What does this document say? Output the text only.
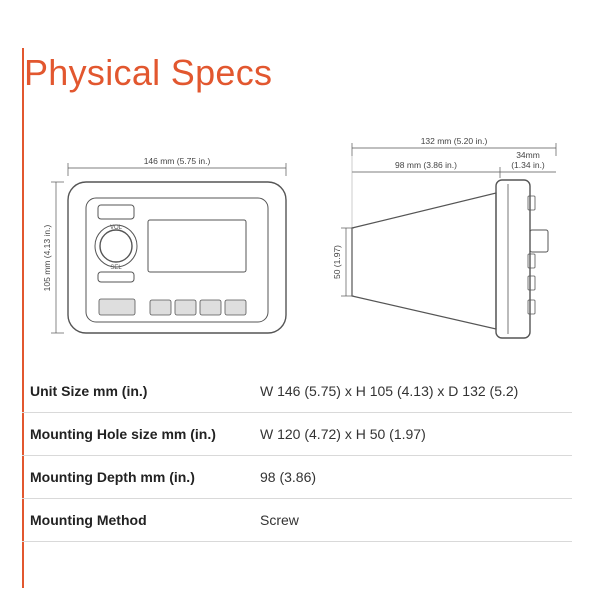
Physical Specs
146 mm (5.75 in.)
105 mm (4.13 in.)	VOL
SEL
132 mm (5.20 in.)
98 mm (3.86 in.)
34mm
(1.34 in.)
50 (1.97)
Unit Size mm (in.)	W 146 (5.75) x H 105 (4.13) x D 132 (5.2)
Mounting Hole size mm (in.)	W 120 (4.72) x H 50 (1.97)
Mounting Depth mm (in.)	98 (3.86)
Mounting Method	Screw
